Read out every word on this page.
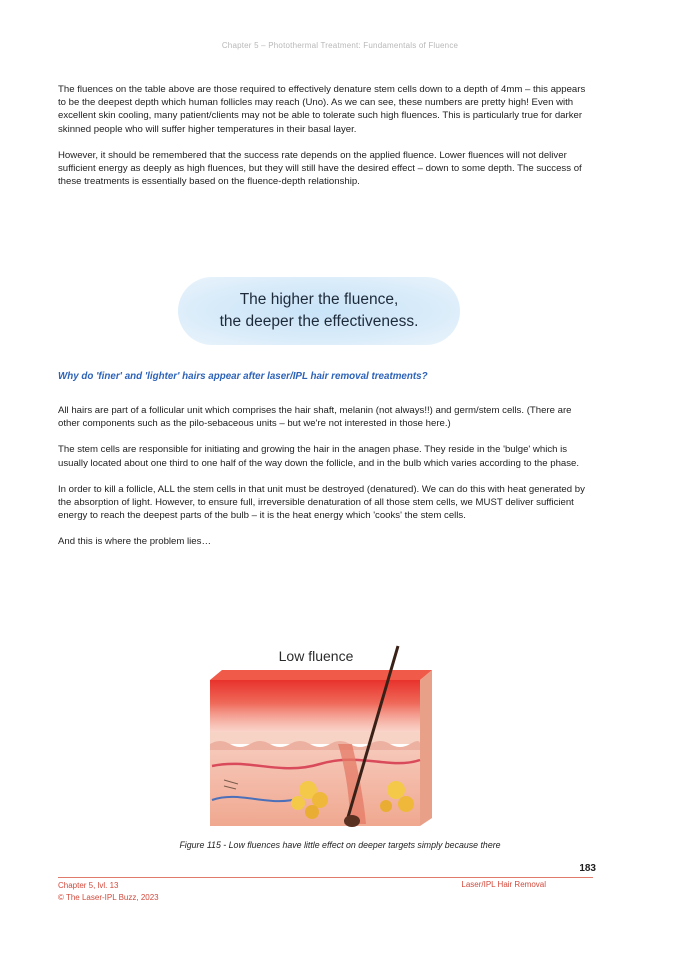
Chapter 5 – Photothermal Treatment: Fundamentals of Fluence

The fluences on the table above are those required to effectively denature stem cells down to a depth of 4mm – this appears to be the deepest depth which human follicles may reach (Uno). As we can see, these numbers are pretty high! Even with excellent skin cooling, many patient/clients may not be able to tolerate such high fluences. This is particularly true for darker skinned people who will suffer higher temperatures in their basal layer.

However, it should be remembered that the success rate depends on the applied fluence. Lower fluences will not deliver sufficient energy as deeply as high fluences, but they will still have the desired effect – down to some depth. The success of these treatments is essentially based on the fluence-depth relationship.

The higher the fluence,
the deeper the effectiveness.
Why do 'finer' and 'lighter' hairs appear after laser/IPL hair removal treatments?

All hairs are part of a follicular unit which comprises the hair shaft, melanin (not always!!) and germ/stem cells. (There are other components such as the pilo-sebaceous units – but we're not interested in those here.)

The stem cells are responsible for initiating and growing the hair in the anagen phase. They reside in the 'bulge' which is usually located about one third to one half of the way down the follicle, and in the bulb which varies according to the phase.

In order to kill a follicle, ALL the stem cells in that unit must be destroyed (denatured). We can do this with heat generated by the absorption of light. However, to ensure full, irreversible denaturation of all those stem cells, we MUST deliver sufficient energy to reach the deepest parts of the bulb – it is the heat energy which 'cooks' the stem cells.

And this is where the problem lies…

Low fluence
Figure 115 - Low fluences have little effect on deeper targets simply because there
183
Chapter 5, lvl. 13
© The Laser-IPL Buzz, 2023
Laser/IPL Hair Removal
